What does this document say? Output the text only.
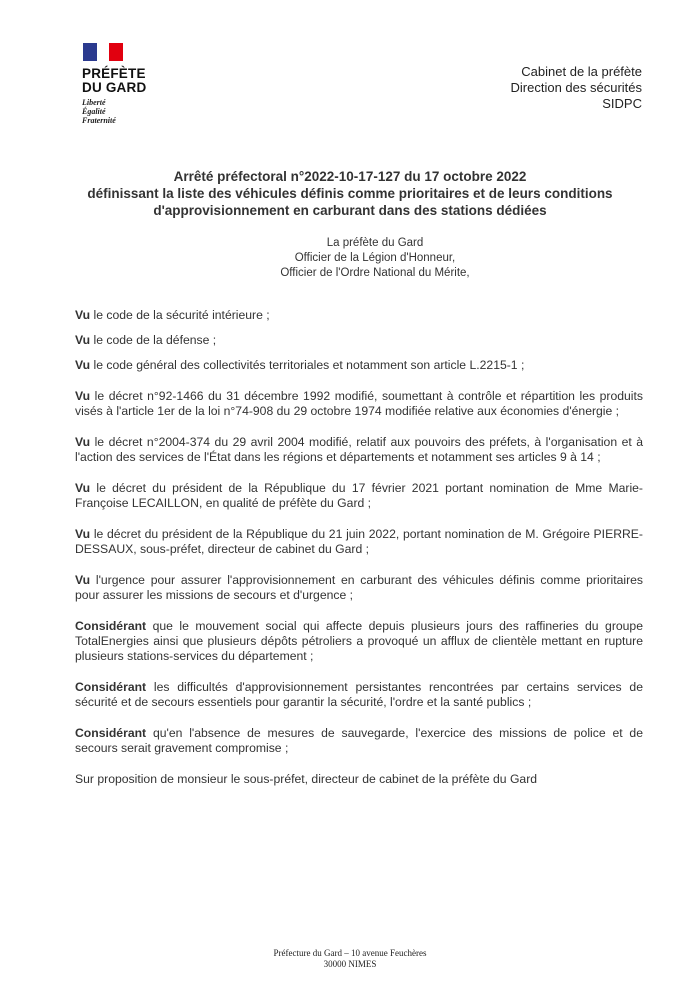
PRÉFÈTE
DU GARD
Liberté
Égalité
Fraternité
Cabinet de la préfète
Direction des sécurités
SIDPC
Arrêté préfectoral n°2022-10-17-127 du 17 octobre 2022
définissant la liste des véhicules définis comme prioritaires et de leurs conditions
d'approvisionnement en carburant dans des stations dédiées
La préfète du Gard
Officier de la Légion d'Honneur,
Officier de l'Ordre National du Mérite,

Vu le code de la sécurité intérieure ;

Vu le code de la défense ;

Vu le code général des collectivités territoriales et notamment son article L.2215-1 ;

Vu le décret n°92-1466 du 31 décembre 1992 modifié, soumettant à contrôle et répartition les produits visés à l'article 1er de la loi n°74-908 du 29 octobre 1974 modifiée relative aux économies d'énergie ;

Vu le décret n°2004-374 du 29 avril 2004 modifié, relatif aux pouvoirs des préfets, à l'organisation et à l'action des services de l'État dans les régions et départements et notamment ses articles 9 à 14 ;

Vu le décret du président de la République du 17 février 2021 portant nomination de Mme Marie-Françoise LECAILLON, en qualité de préfète du Gard ;

Vu le décret du président de la République du 21 juin 2022, portant nomination de M. Grégoire PIERRE-DESSAUX, sous-préfet, directeur de cabinet du Gard ;

Vu l'urgence pour assurer l'approvisionnement en carburant des véhicules définis comme prioritaires pour assurer les missions de secours et d'urgence ;

Considérant que le mouvement social qui affecte depuis plusieurs jours des raffineries du groupe TotalEnergies ainsi que plusieurs dépôts pétroliers a provoqué un afflux de clientèle mettant en rupture plusieurs stations-services du département ;

Considérant les difficultés d'approvisionnement persistantes rencontrées par certains services de sécurité et de secours essentiels pour garantir la sécurité, l'ordre et la santé publics ;

Considérant qu'en l'absence de mesures de sauvegarde, l'exercice des missions de police et de secours serait gravement compromise ;

Sur proposition de monsieur le sous-préfet, directeur de cabinet de la préfète du Gard

Préfecture du Gard – 10 avenue Feuchères
30000 NIMES
